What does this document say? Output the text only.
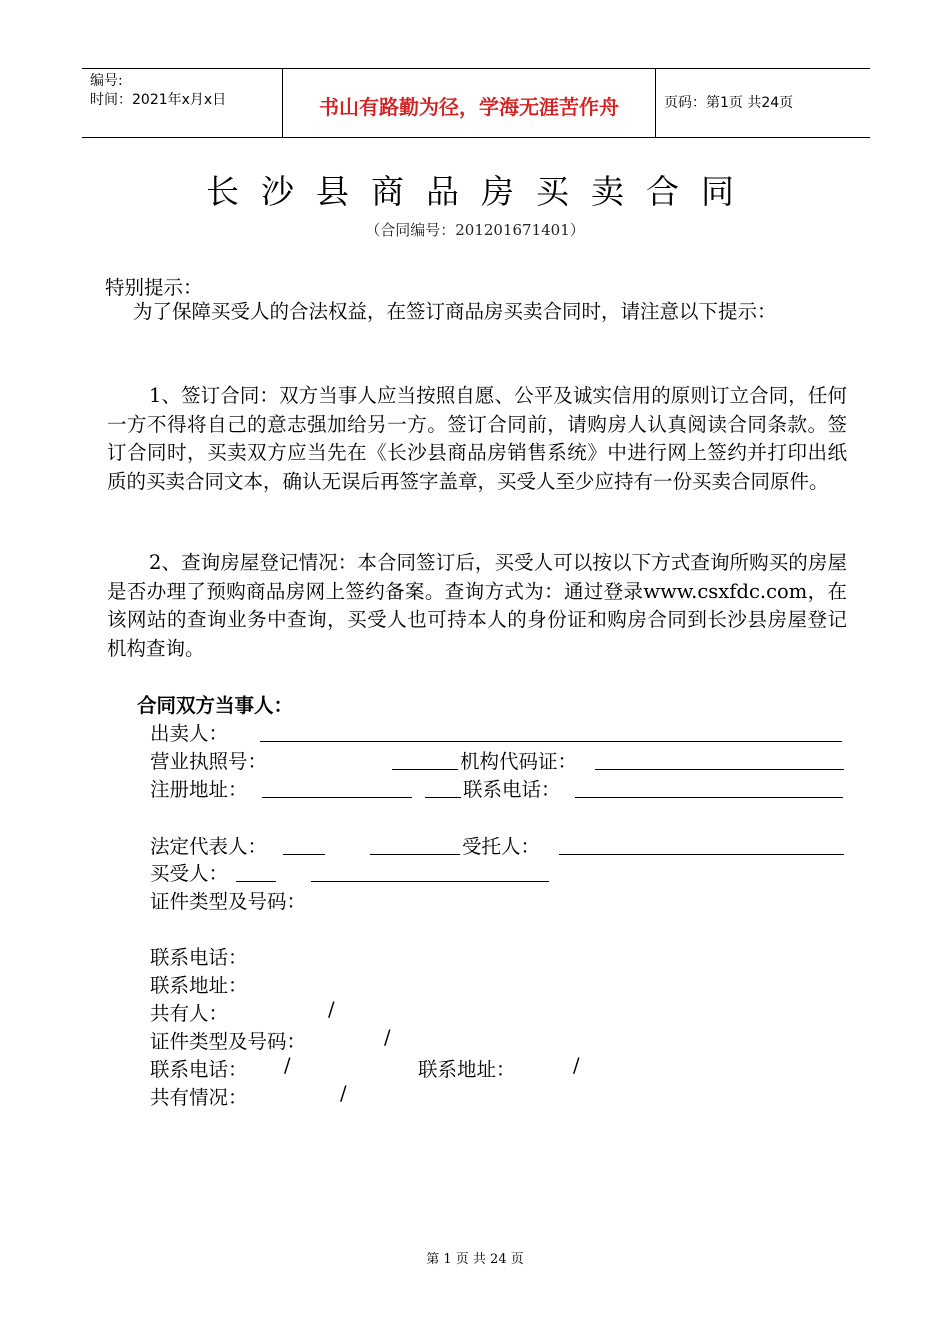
编号:
时间：2021年x月x日	书山有路勤为径，学海无涯苦作舟	页码：第1页 共24页
长沙县商品房买卖合同
（合同编号：201201671401）
特别提示：
为了保障买受人的合法权益，在签订商品房买卖合同时，请注意以下提示：
1、签订合同：双方当事人应当按照自愿、公平及诚实信用的原则订立合同，任何一方不得将自己的意志强加给另一方。签订合同前，请购房人认真阅读合同条款。签订合同时，买卖双方应当先在《长沙县商品房销售系统》中进行网上签约并打印出纸质的买卖合同文本，确认无误后再签字盖章，买受人至少应持有一份买卖合同原件。
2、查询房屋登记情况：本合同签订后，买受人可以按以下方式查询所购买的房屋是否办理了预购商品房网上签约备案。查询方式为：通过登录www.csxfdc.com，在该网站的查询业务中查询，买受人也可持本人的身份证和购房合同到长沙县房屋登记机构查询。
合同双方当事人：
出卖人：
营业执照号：	机构代码证：
注册地址：	联系电话：
法定代表人：	受托人：
买受人：
证件类型及号码：
联系电话：
联系地址：
共有人：	/
证件类型及号码：	/
联系电话： /	联系地址：	/
共有情况：	/
第 1 页 共 24 页
